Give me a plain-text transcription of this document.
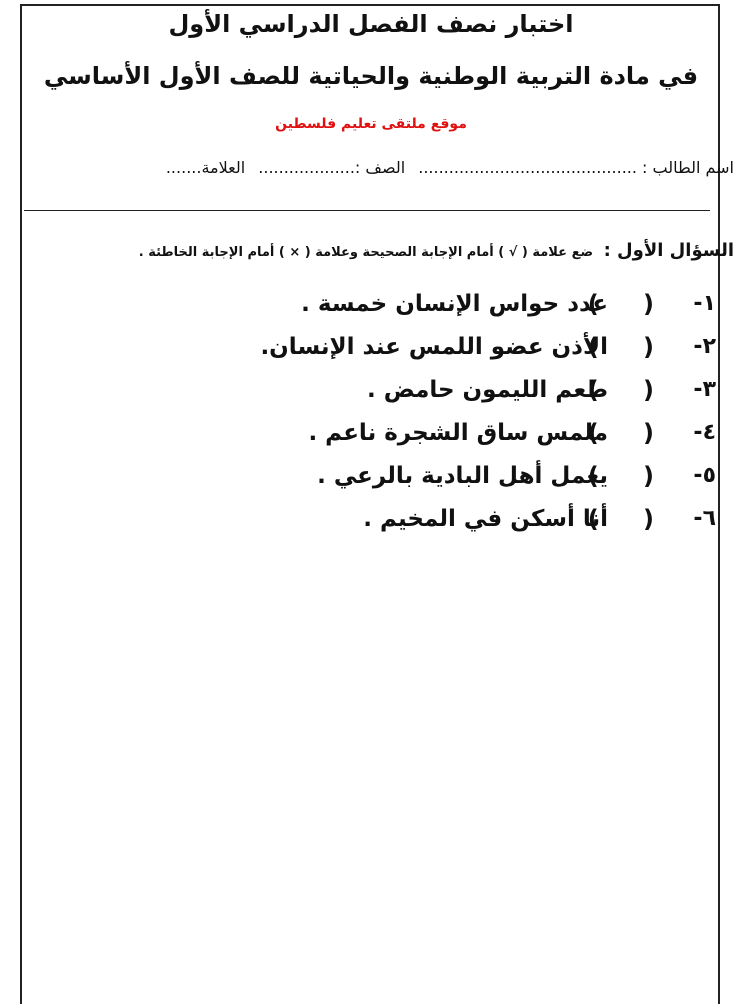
اختبار نصف الفصل الدراسي الأول
في مادة التربية الوطنية والحياتية للصف الأول الأساسي
موقع ملتقى تعليم فلسطين
اسم الطالب : ........................................... الصف :................... العلامة.......
السؤال الأول : ضع علامة ( √ ) أمام الإجابة الصحيحة وعلامة ( × ) أمام الإجابة الخاطئة .
١-
( )
عدد حواس الإنسان خمسة .
٢-
( )
الأذن عضو اللمس عند الإنسان.
٣-
( )
طعم الليمون حامض .
٤-
( )
ملمس ساق الشجرة ناعم .
٥-
( )
يعمل أهل البادية بالرعي .
٦-
( )
أنا أسكن في المخيم .
